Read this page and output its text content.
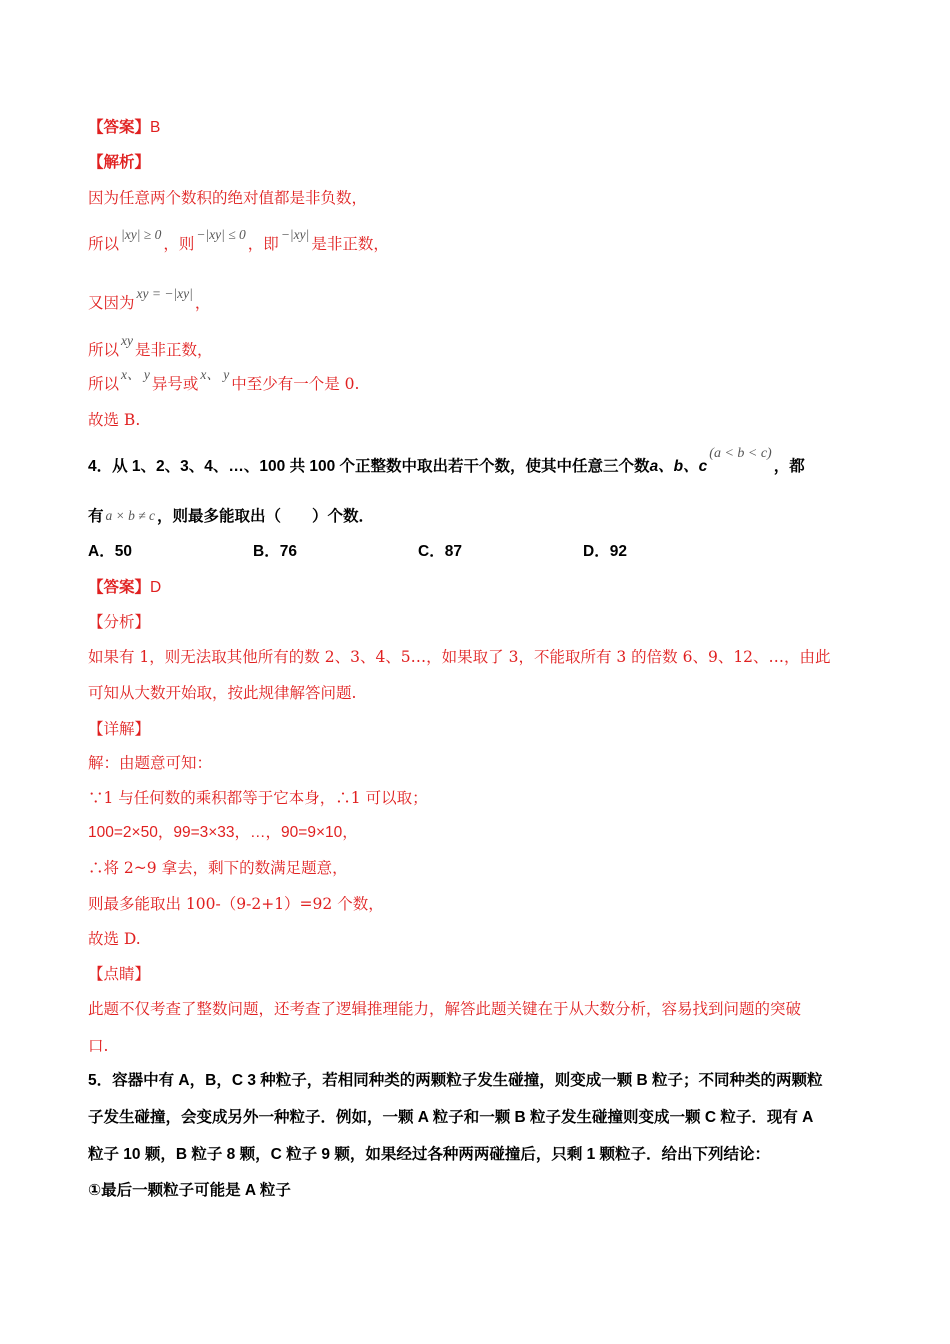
【答案】B
【解析】
因为任意两个数积的绝对值都是非负数，
所以|xy| ≥ 0，则−|xy| ≤ 0，即−|xy|是非正数，
又因为xy = −|xy|，
所以xy是非正数，
所以x、 y异号或x、 y中至少有一个是 0.
故选 B.
4．从 1、2、3、4、…、100 共 100 个正整数中取出若干个数，使其中任意三个数a、b、c(a < b < c)，都
有 a × b ≠ c ，则最多能取出（　　）个数．
A．50	B．76	C．87	D．92
【答案】D
【分析】
如果有 1，则无法取其他所有的数 2、3、4、5…，如果取了 3，不能取所有 3 的倍数 6、9、12、…，由此
可知从大数开始取，按此规律解答问题.
【详解】
解：由题意可知：
∵1 与任何数的乘积都等于它本身，∴1 可以取；
100=2×50，99=3×33，…，90=9×10，
∴将 2~9 拿去，剩下的数满足题意，
则最多能取出 100-（9-2+1）=92 个数，
故选 D.
【点睛】
此题不仅考查了整数问题，还考查了逻辑推理能力，解答此题关键在于从大数分析，容易找到问题的突破
口.
5．容器中有 A，B，C 3 种粒子，若相同种类的两颗粒子发生碰撞，则变成一颗 B 粒子；不同种类的两颗粒
子发生碰撞，会变成另外一种粒子．例如，一颗 A 粒子和一颗 B 粒子发生碰撞则变成一颗 C 粒子．现有 A
粒子 10 颗，B 粒子 8 颗，C 粒子 9 颗，如果经过各种两两碰撞后，只剩 1 颗粒子．给出下列结论：
①最后一颗粒子可能是 A 粒子
